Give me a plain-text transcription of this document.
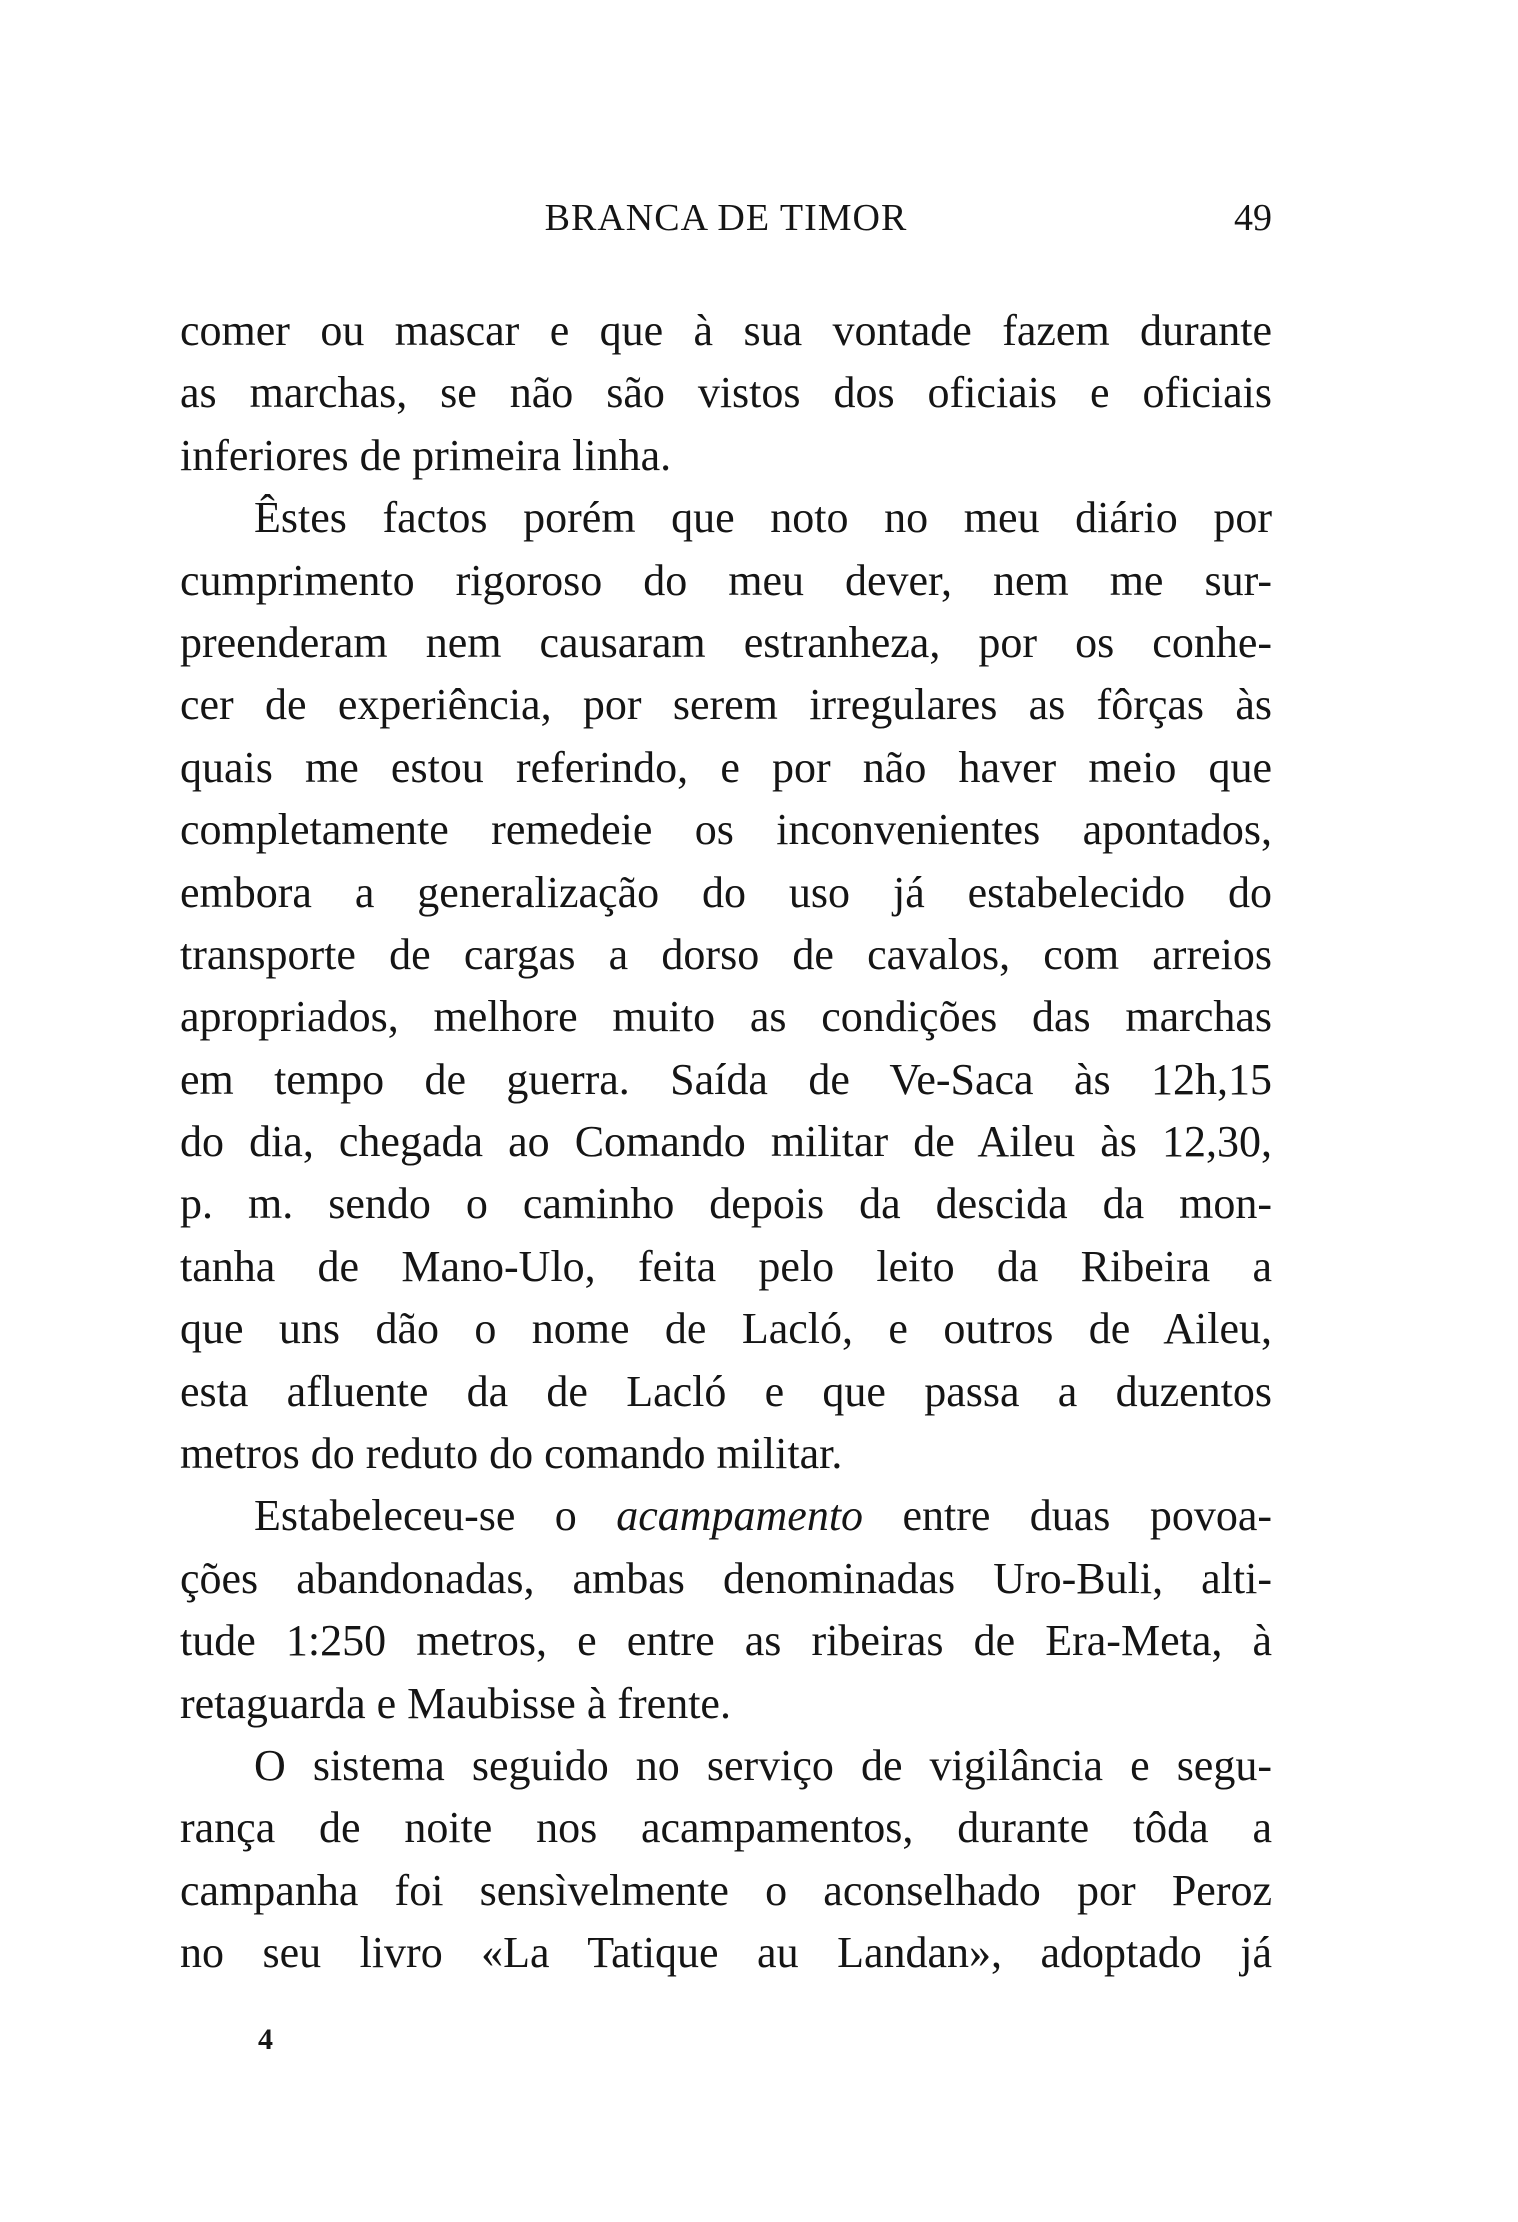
BRANCA DE TIMOR	49
comer ou mascar e que à sua vontade fazem durante
as marchas, se não são vistos dos oficiais e oficiais
inferiores de primeira linha.
Êstes factos porém que noto no meu diário por
cumprimento rigoroso do meu dever, nem me sur-
preenderam nem causaram estranheza, por os conhe-
cer de experiência, por serem irregulares as fôrças às
quais me estou referindo, e por não haver meio que
completamente remedeie os inconvenientes apontados,
embora a generalização do uso já estabelecido do
transporte de cargas a dorso de cavalos, com arreios
apropriados, melhore muito as condições das marchas
em tempo de guerra. Saída de Ve-Saca às 12h,15
do dia, chegada ao Comando militar de Aileu às 12,30,
p. m. sendo o caminho depois da descida da mon-
tanha de Mano-Ulo, feita pelo leito da Ribeira a
que uns dão o nome de Lacló, e outros de Aileu,
esta afluente da de Lacló e que passa a duzentos
metros do reduto do comando militar.
Estabeleceu-se o acampamento entre duas povoa-
ções abandonadas, ambas denominadas Uro-Buli, alti-
tude 1:250 metros, e entre as ribeiras de Era-Meta, à
retaguarda e Maubisse à frente.
O sistema seguido no serviço de vigilância e segu-
rança de noite nos acampamentos, durante tôda a
campanha foi sensìvelmente o aconselhado por Peroz
no seu livro «La Tatique au Landan», adoptado já
4
